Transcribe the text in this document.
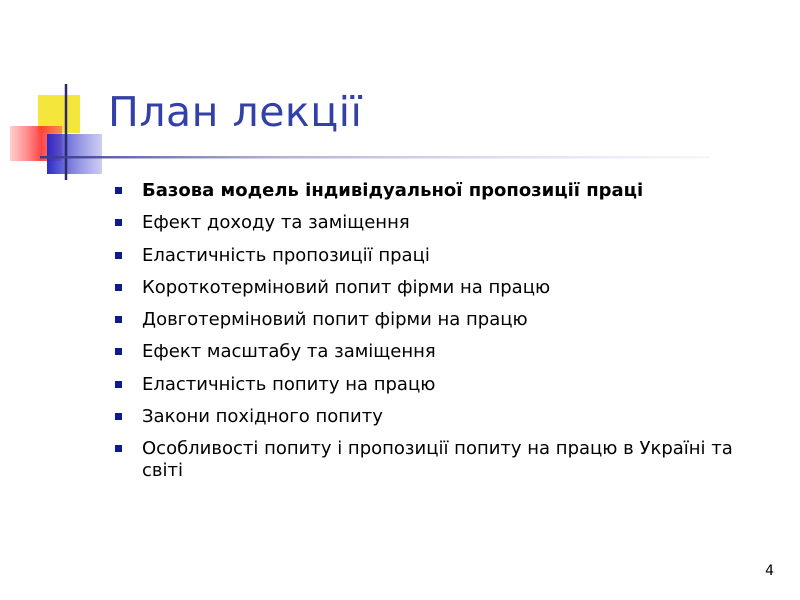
План лекції
Базова модель індивідуальної пропозиції праці
Ефект доходу та заміщення
Еластичність пропозиції праці
Короткотерміновий попит фірми на працю
Довготерміновий попит фірми на працю
Ефект масштабу та заміщення
Еластичність попиту на працю
Закони похідного попиту
Особливості попиту і пропозиції попиту на працю в Україні та світі
4
